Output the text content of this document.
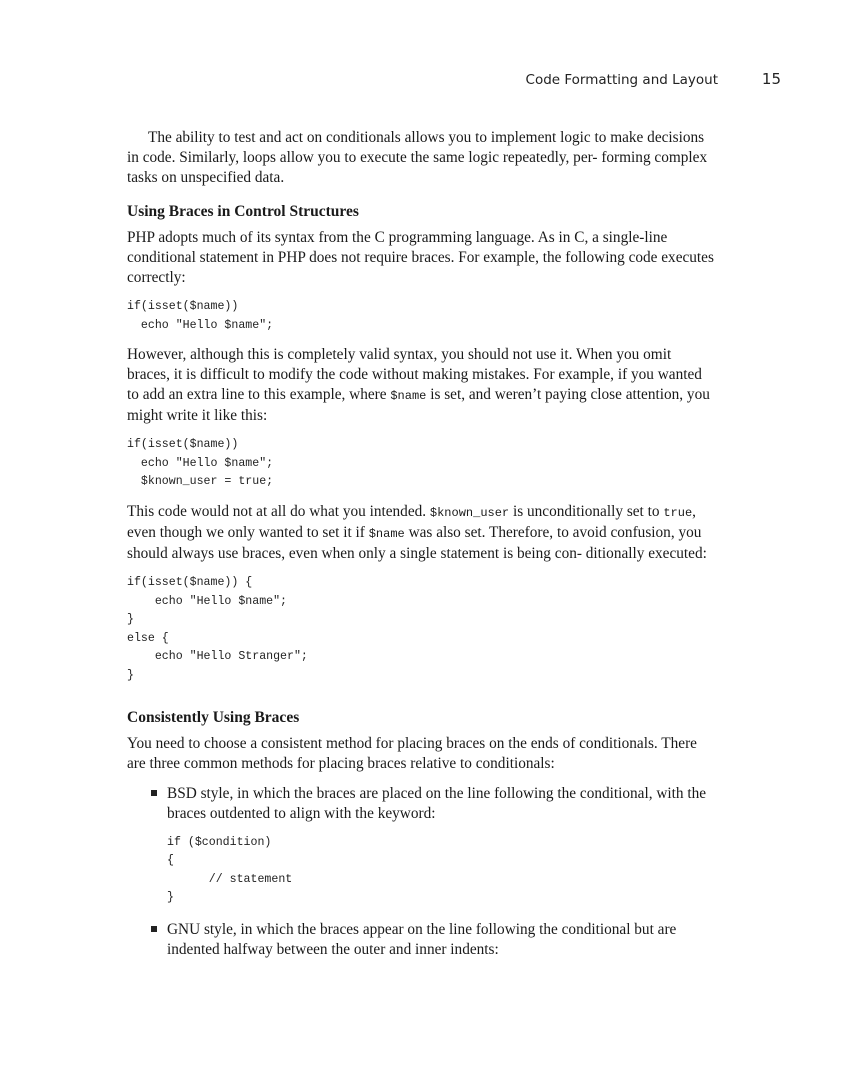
Code Formatting and Layout	15

The ability to test and act on conditionals allows you to implement logic to make decisions in code. Similarly, loops allow you to execute the same logic repeatedly, per- forming complex tasks on unspecified data.

Using Braces in Control Structures

PHP adopts much of its syntax from the C programming language. As in C, a single-line conditional statement in PHP does not require braces. For example, the following code executes correctly:

if(isset($name))
echo "Hello $name";

However, although this is completely valid syntax, you should not use it. When you omit braces, it is difficult to modify the code without making mistakes. For example, if you wanted to add an extra line to this example, where $name is set, and weren’t paying close attention, you might write it like this:

if(isset($name))
echo "Hello $name";
$known_user = true;

This code would not at all do what you intended. $known_user is unconditionally set to true, even though we only wanted to set it if $name was also set. Therefore, to avoid confusion, you should always use braces, even when only a single statement is being con- ditionally executed:

if(isset($name)) {
echo "Hello $name";
}
else {
echo "Hello Stranger";
}
Consistently Using Braces

You need to choose a consistent method for placing braces on the ends of conditionals. There are three common methods for placing braces relative to conditionals:

BSD style, in which the braces are placed on the line following the conditional, with the braces outdented to align with the keyword:
if ($condition)
{
// statement
}
GNU style, in which the braces appear on the line following the conditional but are indented halfway between the outer and inner indents:
